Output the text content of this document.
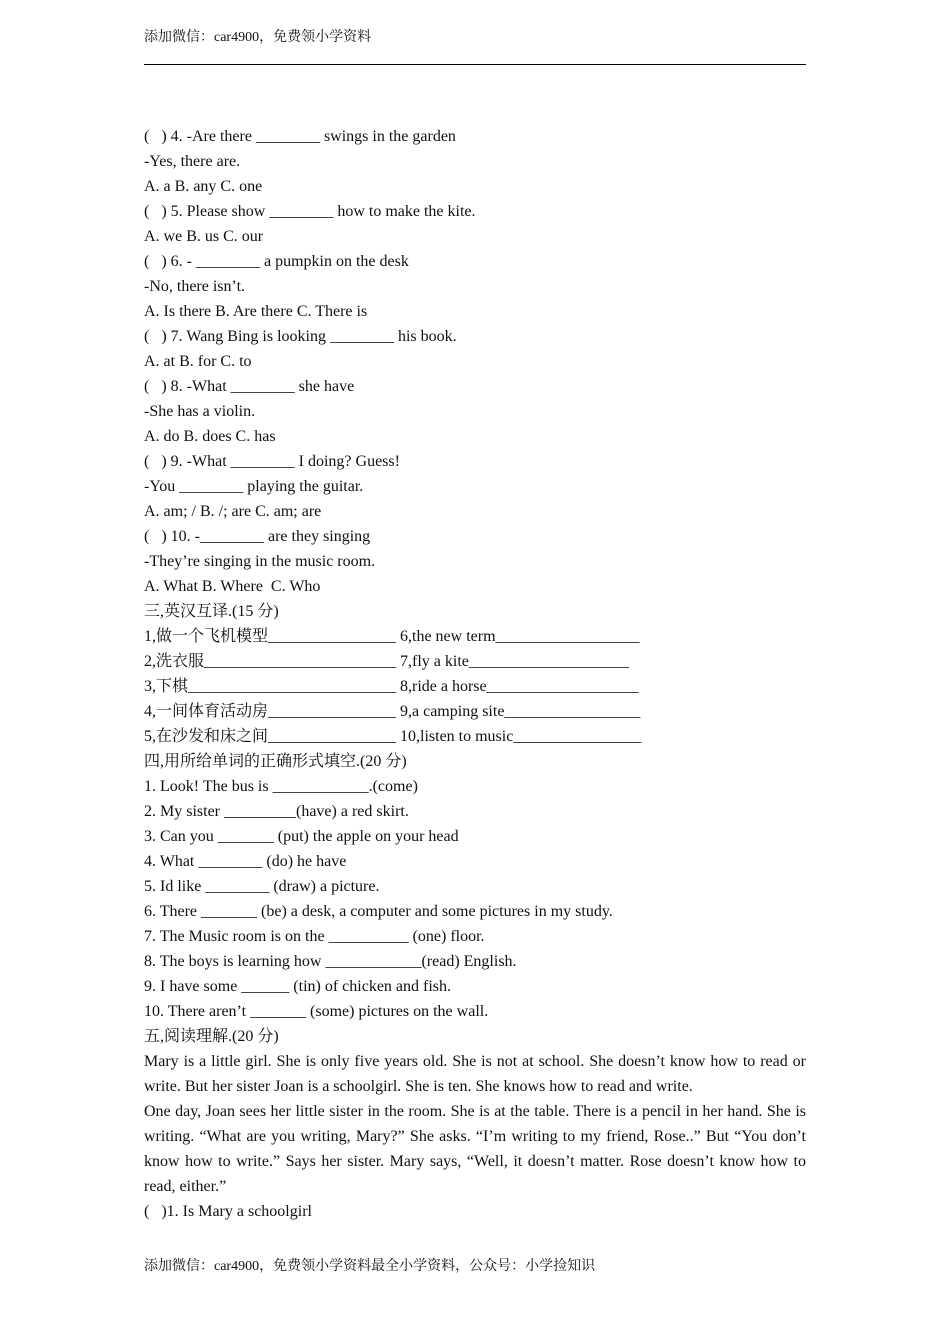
添加微信：car4900，免费领小学资料
(   ) 4. -Are there ________ swings in the garden
-Yes, there are.
A. a B. any C. one
(   ) 5. Please show ________ how to make the kite.
A. we B. us C. our
(   ) 6. - ________ a pumpkin on the desk
-No, there isn’t.
A. Is there B. Are there C. There is
(   ) 7. Wang Bing is looking ________ his book.
A. at B. for C. to
(   ) 8. -What ________ she have
-She has a violin.
A. do B. does C. has
(   ) 9. -What ________ I doing? Guess!
-You ________ playing the guitar.
A. am; / B. /; are C. am; are
(   ) 10. -________ are they singing
-They’re singing in the music room.
A. What B. Where  C. Who
三,英汉互译.(15 分)
1,做一个飞机模型________________ 6,the new term__________________
2,洗衣服________________________ 7,fly a kite____________________
3,下棋__________________________ 8,ride a horse___________________
4,一间体育活动房________________ 9,a camping site_________________
5,在沙发和床之间________________ 10,listen to music________________
四,用所给单词的正确形式填空.(20 分)
1. Look! The bus is ____________.(come)
2. My sister _________(have) a red skirt.
3. Can you _______ (put) the apple on your head
4. What ________ (do) he have
5. Id like ________ (draw) a picture.
6. There _______ (be) a desk, a computer and some pictures in my study.
7. The Music room is on the __________ (one) floor.
8. The boys is learning how ____________(read) English.
9. I have some ______ (tin) of chicken and fish.
10. There aren’t _______ (some) pictures on the wall.
五,阅读理解.(20 分)
Mary is a little girl. She is only five years old. She is not at school. She doesn’t know how to read or write. But her sister Joan is a schoolgirl. She is ten. She knows how to read and write.
One day, Joan sees her little sister in the room. She is at the table. There is a pencil in her hand. She is writing. “What are you writing, Mary?” She asks. “I’m writing to my friend, Rose..” But “You don’t know how to write.” Says her sister. Mary says, “Well, it doesn’t matter. Rose doesn’t know how to read, either.”
(   )1. Is Mary a schoolgirl
添加微信：car4900，免费领小学资料最全小学资料，公众号：小学捡知识
